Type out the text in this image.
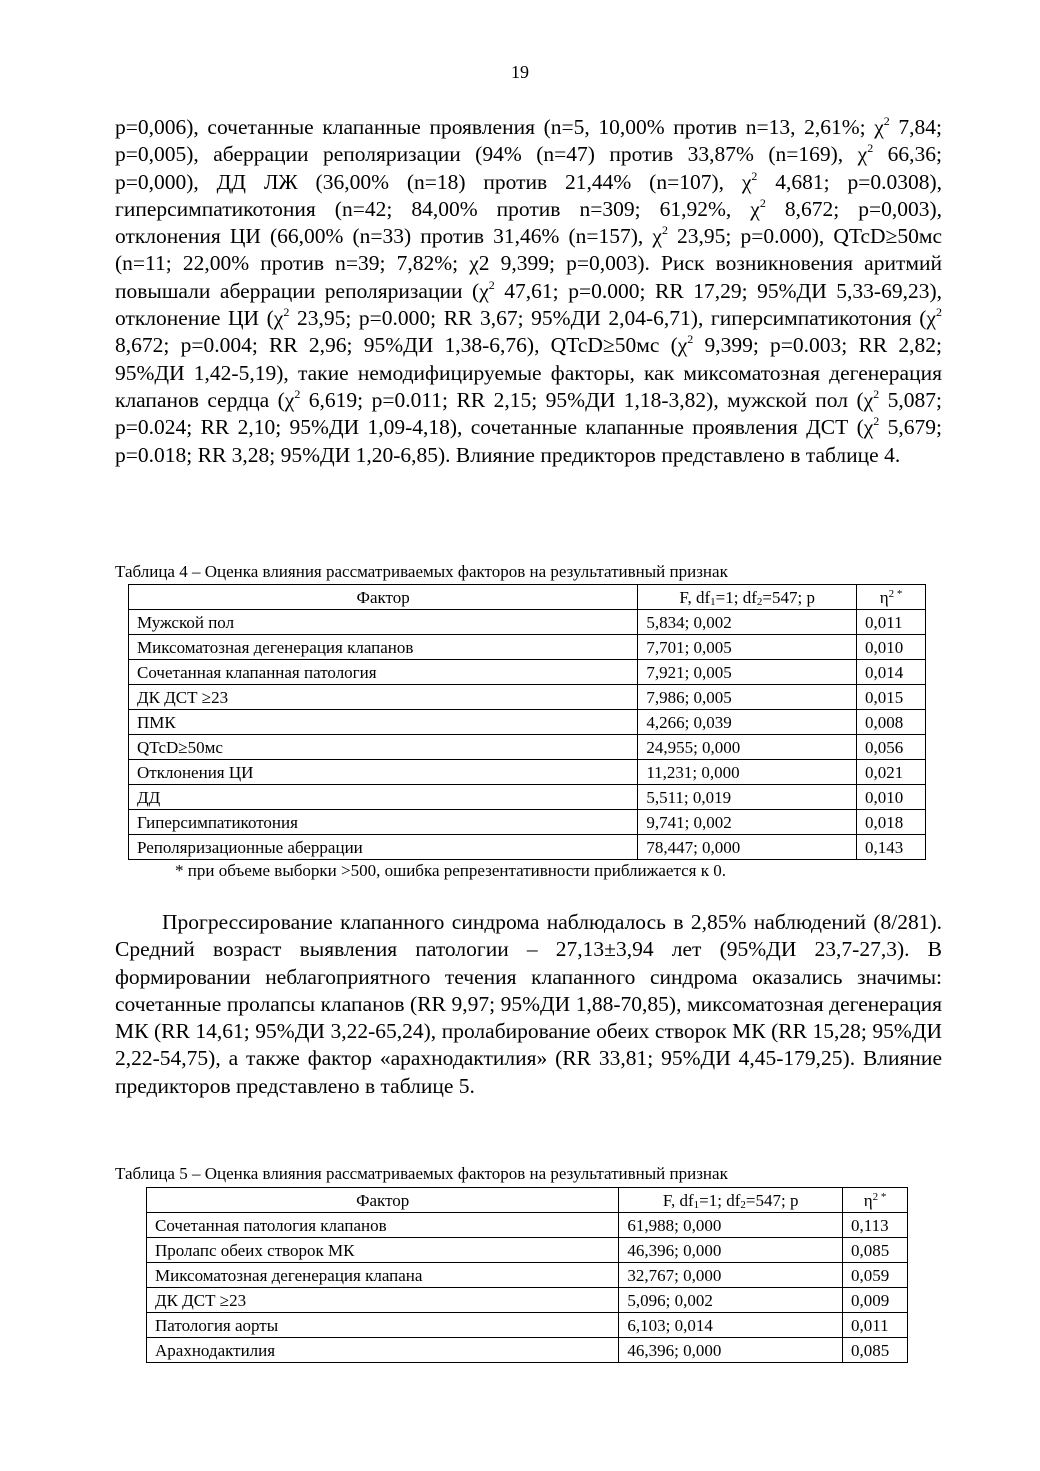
19

p=0,006), сочетанные клапанные проявления (n=5, 10,00% против n=13, 2,61%; $\chi^2$ 7,84; p=0,005), аберрации реполяризации (94% (n=47) против 33,87% (n=169), $\chi^2$ 66,36; p=0,000), ДД ЛЖ (36,00% (n=18) против 21,44% (n=107), $\chi^2$ 4,681; p=0.0308), гиперсимпатикотония (n=42; 84,00% против n=309; 61,92%, $\chi^2$ 8,672; p=0,003), отклонения ЦИ (66,00% (n=33) против 31,46% (n=157), $\chi^2$ 23,95; p=0.000), QTcD≥50мс (n=11; 22,00% против n=39; 7,82%; χ2 9,399; p=0,003). Риск возникновения аритмий повышали аберрации реполяризации ($\chi^2$ 47,61; p=0.000; RR 17,29; 95%ДИ 5,33-69,23), отклонение ЦИ ($\chi^2$ 23,95; p=0.000; RR 3,67; 95%ДИ 2,04-6,71), гиперсимпатикотония ($\chi^2$ 8,672; p=0.004; RR 2,96; 95%ДИ 1,38-6,76), QTcD≥50мс ($\chi^2$ 9,399; p=0.003; RR 2,82; 95%ДИ 1,42-5,19), такие немодифицируемые факторы, как миксоматозная дегенерация клапанов сердца ($\chi^2$ 6,619; p=0.011; RR 2,15; 95%ДИ 1,18-3,82), мужской пол ($\chi^2$ 5,087; p=0.024; RR 2,10; 95%ДИ 1,09-4,18), сочетанные клапанные проявления ДСТ ($\chi^2$ 5,679; p=0.018; RR 3,28; 95%ДИ 1,20-6,85). Влияние предикторов представлено в таблице 4.

Таблица 4 – Оценка влияния рассматриваемых факторов на результативный признак
Фактор	F, $df_1=1$; $df_2=547$; p	$\eta^{2 *}$
Мужской пол	5,834; 0,002	0,011
Миксоматозная дегенерация клапанов	7,701; 0,005	0,010
Сочетанная клапанная патология	7,921; 0,005	0,014
ДК ДСТ ≥23	7,986; 0,005	0,015
ПМК	4,266; 0,039	0,008
QTcD≥50мс	24,955; 0,000	0,056
Отклонения ЦИ	11,231; 0,000	0,021
ДД	5,511; 0,019	0,010
Гиперсимпатикотония	9,741; 0,002	0,018
Реполяризационные аберрации	78,447; 0,000	0,143
* при объеме выборки >500, ошибка репрезентативности приближается к 0.

Прогрессирование клапанного синдрома наблюдалось в 2,85% наблюдений (8/281). Средний возраст выявления патологии – 27,13±3,94 лет (95%ДИ 23,7-27,3). В формировании неблагоприятного течения клапанного синдрома оказались значимы: сочетанные пролапсы клапанов (RR 9,97; 95%ДИ 1,88-70,85), миксоматозная дегенерация МК (RR 14,61; 95%ДИ 3,22-65,24), пролабирование обеих створок МК (RR 15,28; 95%ДИ 2,22-54,75), а также фактор «арахнодактилия» (RR 33,81; 95%ДИ 4,45-179,25). Влияние предикторов представлено в таблице 5.

Таблица 5 – Оценка влияния рассматриваемых факторов на результативный признак
Фактор	F, $df_1=1$; $df_2=547$; p	$\eta^{2 *}$
Сочетанная патология клапанов	61,988; 0,000	0,113
Пролапс обеих створок МК	46,396; 0,000	0,085
Миксоматозная дегенерация клапана	32,767; 0,000	0,059
ДК ДСТ ≥23	5,096; 0,002	0,009
Патология аорты	6,103; 0,014	0,011
Арахнодактилия	46,396; 0,000	0,085
